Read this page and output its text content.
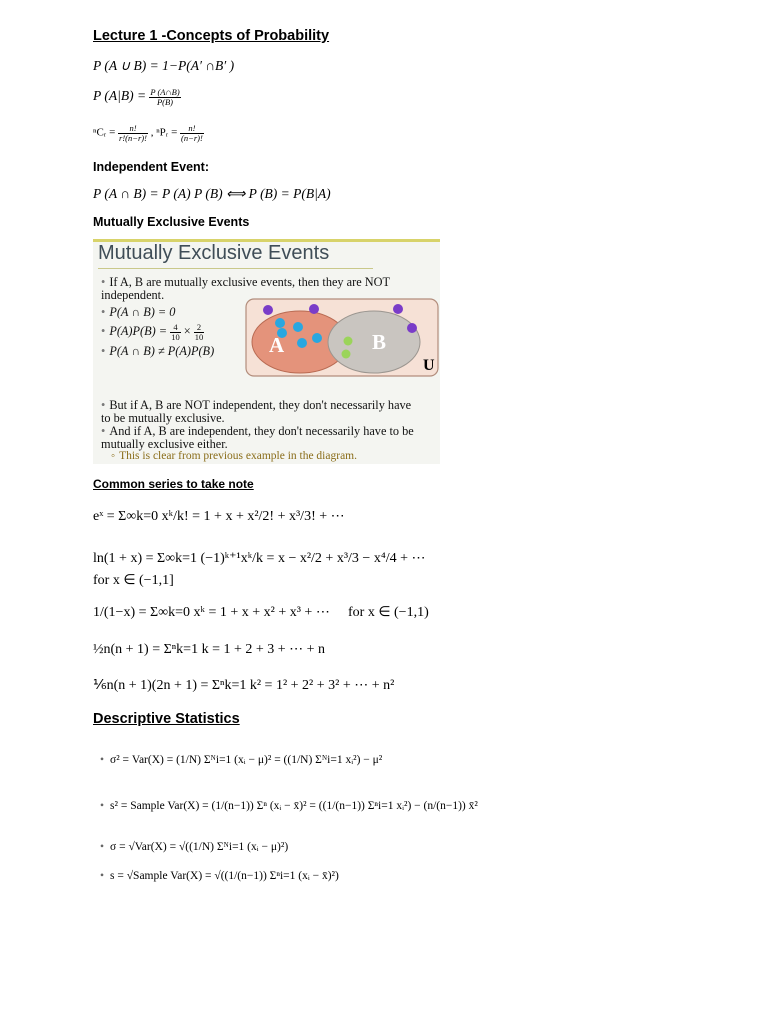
Lecture 1 -Concepts of Probability
P (A ∪ B) = 1−P(A′ ∩B′ )
P $(A|B) = \frac{P (A\cap B)}{P(B)}$
ⁿCᵣ = $\frac{n!}{r!(n-r)!}$ , ⁿPᵣ = $\frac{n!}{(n-r)!}$
Independent Event:
P (A ∩ B) = P (A) P (B) ⟺ P (B) = P(B|A)
Mutually Exclusive Events
Mutually Exclusive Events
• If A, B are mutually exclusive events, then they are NOT independent.
• P(A ∩ B) = 0
• $P(A)P(B) = \frac{4}{10} \times \frac{2}{10}$
• P(A ∩ B) ≠ P(A)P(B)	A	B
U
• But if A, B are NOT independent, they don't necessarily have to be mutually exclusive.
• And if A, B are independent, they don't necessarily have to be mutually exclusive either.
◦ This is clear from previous example in the diagram.
Common series to take note
eˣ = Σ∞k=0 xᵏ/k! = 1 + x + x²/2! + x³/3! + ⋯
ln(1 + x) = Σ∞k=1 (−1)ᵏ⁺¹xᵏ/k = x − x²/2 + x³/3 − x⁴/4 + ⋯
for x ∈ (−1,1]
1/(1−x) = Σ∞k=0 xᵏ = 1 + x + x² + x³ + ⋯ for x ∈ (−1,1)
½n(n + 1) = Σⁿk=1 k = 1 + 2 + 3 + ⋯ + n
⅙n(n + 1)(2n + 1) = Σⁿk=1 k² = 1² + 2² + 3² + ⋯ + n²
Descriptive Statistics
• σ² = Var(X) = (1/N) Σᴺi=1 (xᵢ − μ)² = ((1/N) Σᴺi=1 xᵢ²) − μ²
• s² = Sample Var(X) = (1/(n−1)) Σⁿ (xᵢ − x̄)² = ((1/(n−1)) Σⁿi=1 xᵢ²) − (n/(n−1)) x̄²
• σ = √Var(X) = √((1/N) Σᴺi=1 (xᵢ − μ)²)
• s = √Sample Var(X) = √((1/(n−1)) Σⁿi=1 (xᵢ − x̄)²)
